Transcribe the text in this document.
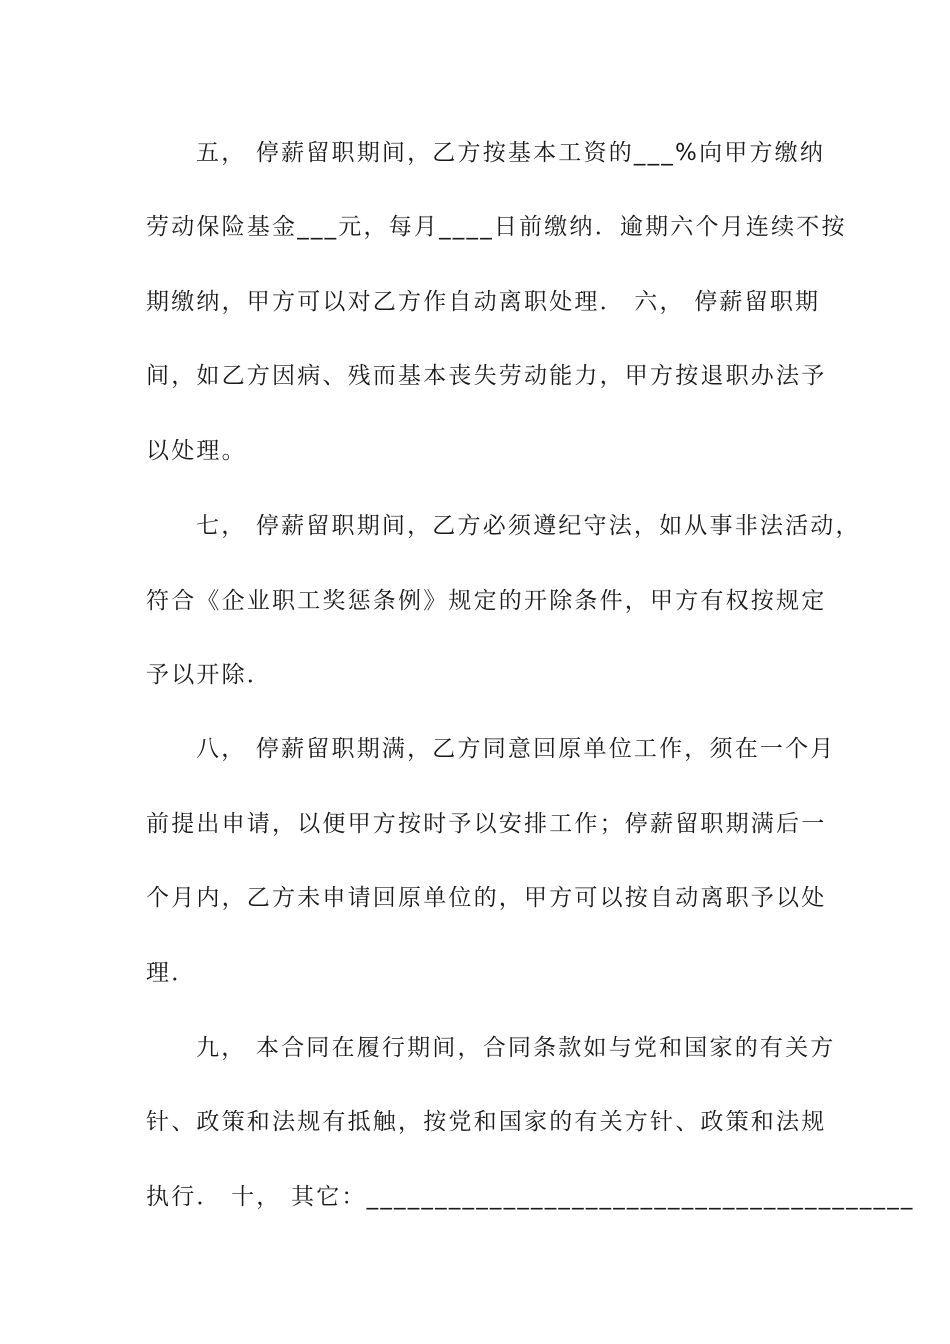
五， 停薪留职期间，乙方按基本工资的___%向甲方缴纳
劳动保险基金___元，每月____日前缴纳．逾期六个月连续不按
期缴纳，甲方可以对乙方作自动离职处理． 六， 停薪留职期
间，如乙方因病、残而基本丧失劳动能力，甲方按退职办法予
以处理。
七， 停薪留职期间，乙方必须遵纪守法，如从事非法活动，
符合《企业职工奖惩条例》规定的开除条件，甲方有权按规定
予以开除．
八， 停薪留职期满，乙方同意回原单位工作，须在一个月
前提出申请，以便甲方按时予以安排工作；停薪留职期满后一
个月内，乙方未申请回原单位的，甲方可以按自动离职予以处
理．
九， 本合同在履行期间，合同条款如与党和国家的有关方
针、政策和法规有抵触，按党和国家的有关方针、政策和法规
执行． 十， 其它：________________________________________
